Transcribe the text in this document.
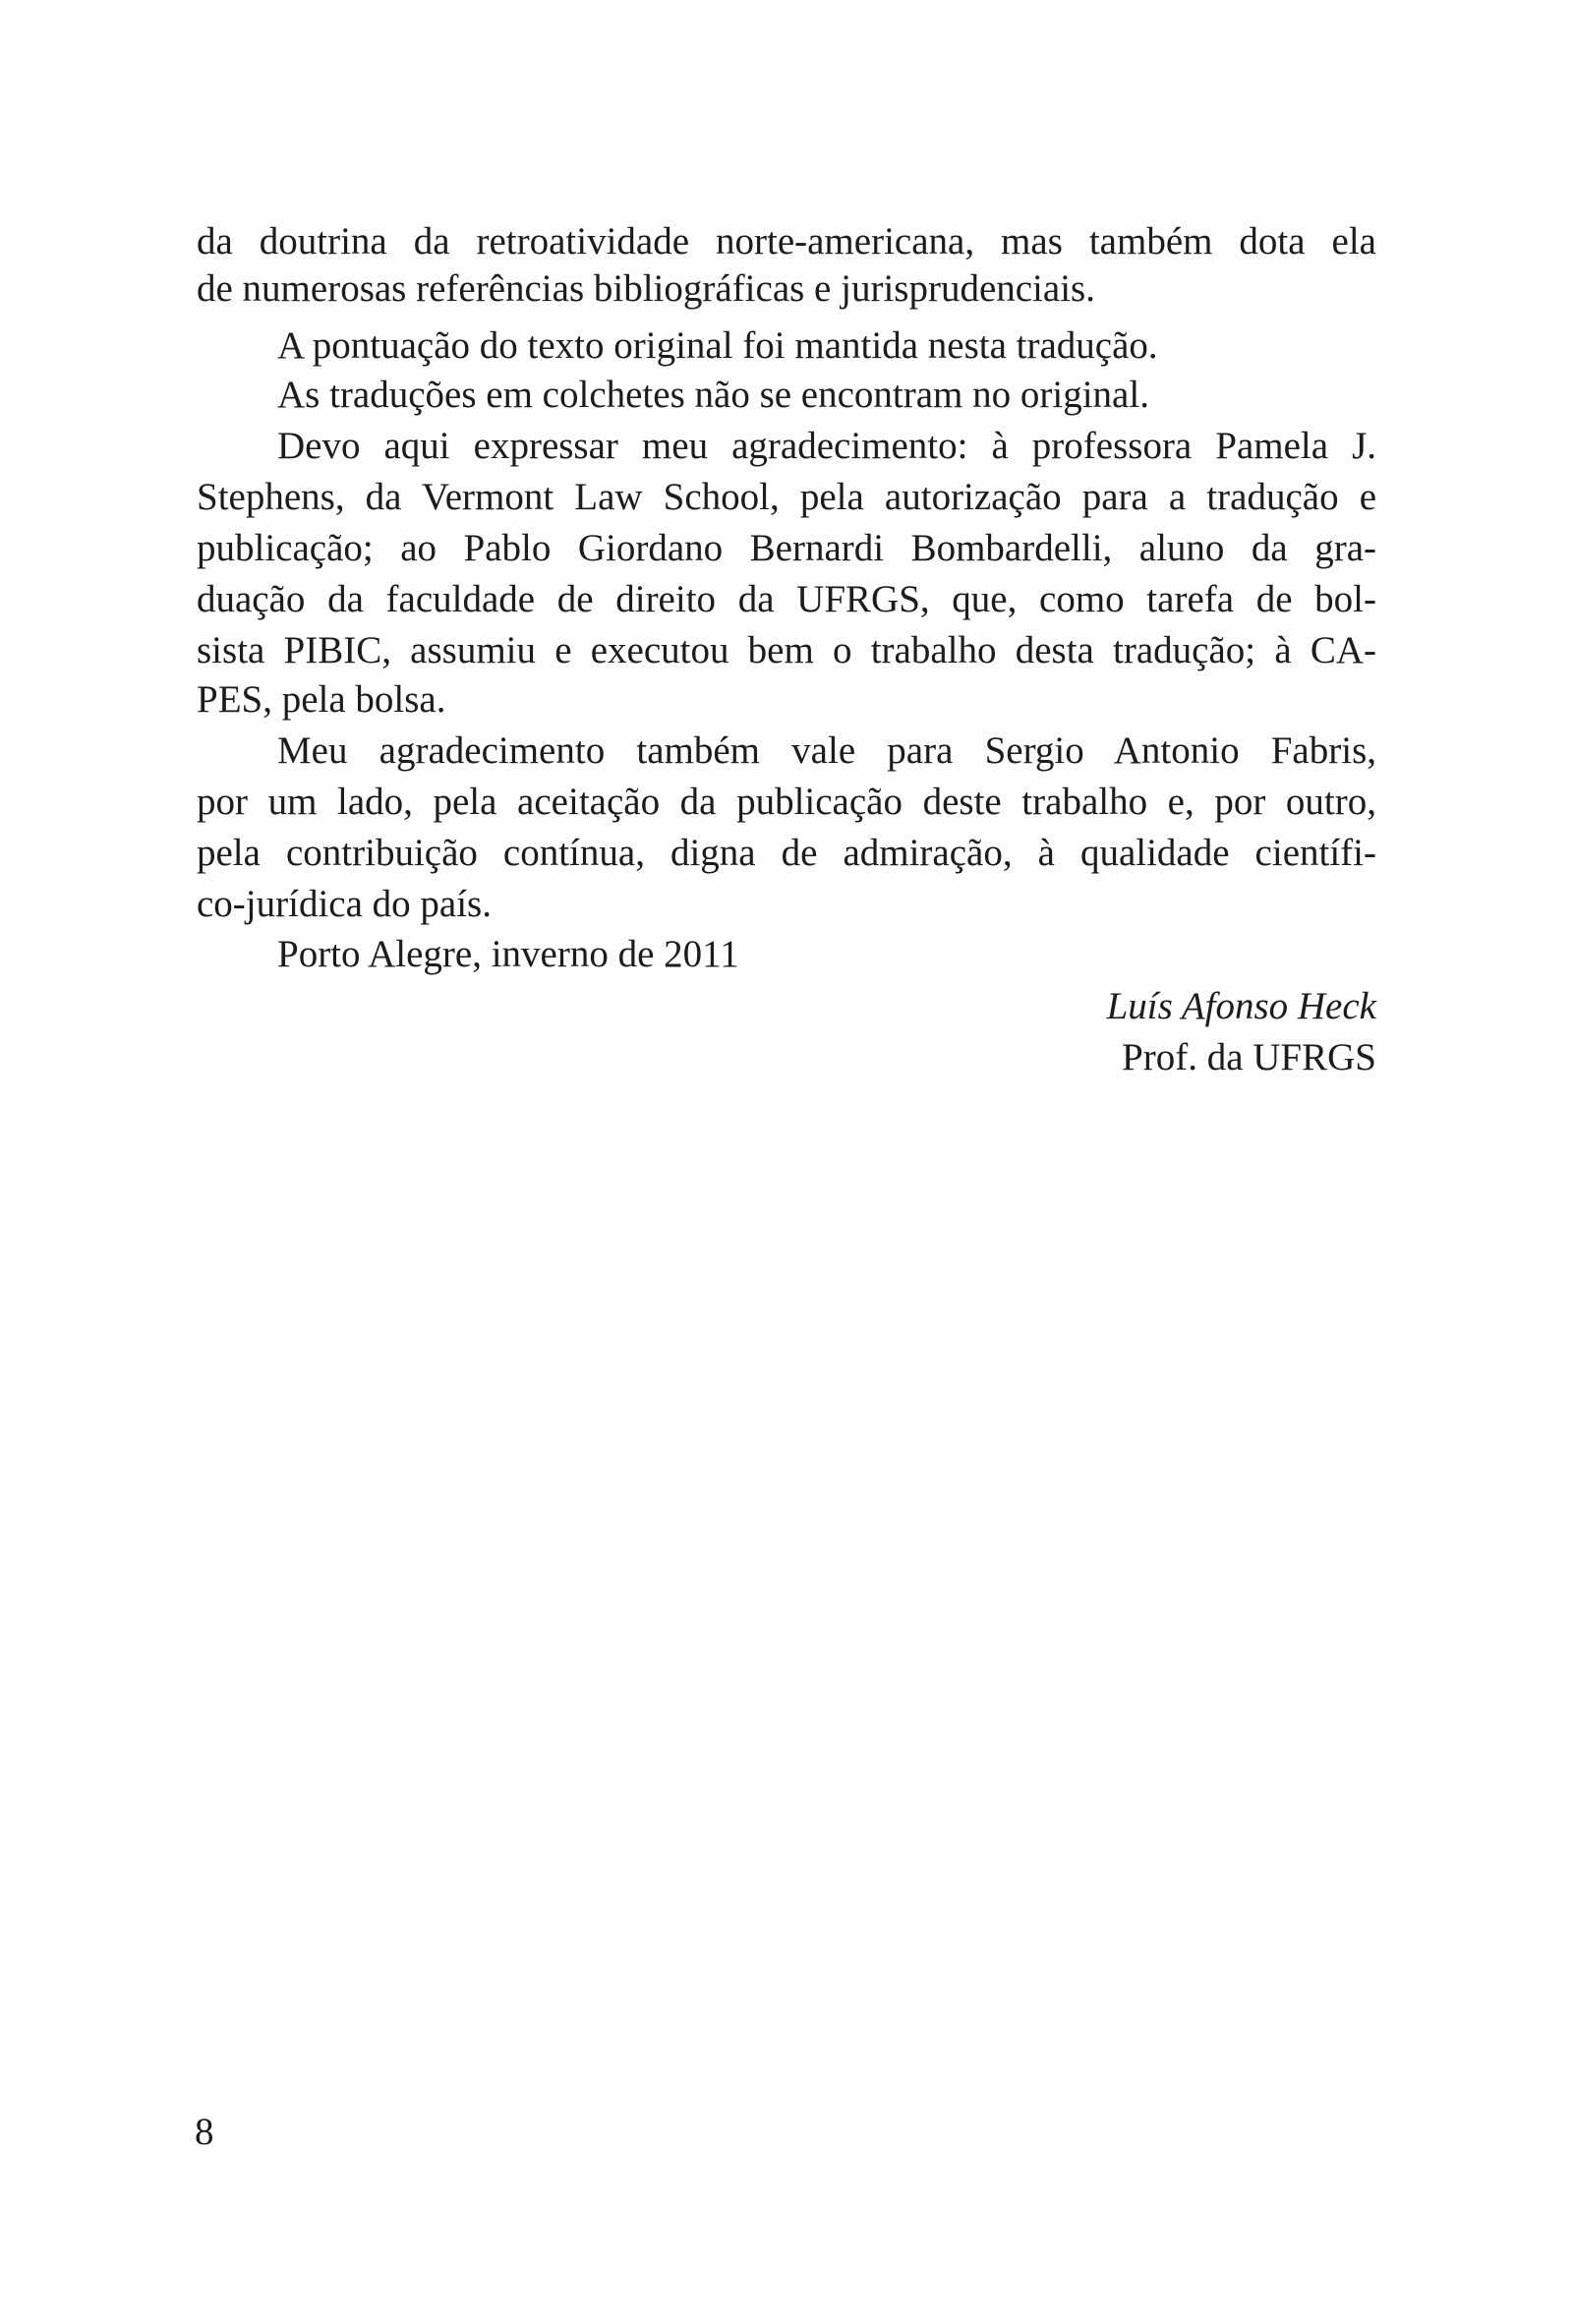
da doutrina da retroatividade norte-americana, mas também dota ela

de numerosas referências bibliográficas e jurisprudenciais.

A pontuação do texto original foi mantida nesta tradução.

As traduções em colchetes não se encontram no original.

Devo aqui expressar meu agradecimento: à professora Pamela J.

Stephens, da Vermont Law School, pela autorização para a tradução e

publicação; ao Pablo Giordano Bernardi Bombardelli, aluno da gra-

duação da faculdade de direito da UFRGS, que, como tarefa de bol-

sista PIBIC, assumiu e executou bem o trabalho desta tradução; à CA-

PES, pela bolsa.

Meu agradecimento também vale para Sergio Antonio Fabris,

por um lado, pela aceitação da publicação deste trabalho e, por outro,

pela contribuição contínua, digna de admiração, à qualidade científi-

co-jurídica do país.

Porto Alegre, inverno de 2011

Luís Afonso Heck

Prof. da UFRGS

8
